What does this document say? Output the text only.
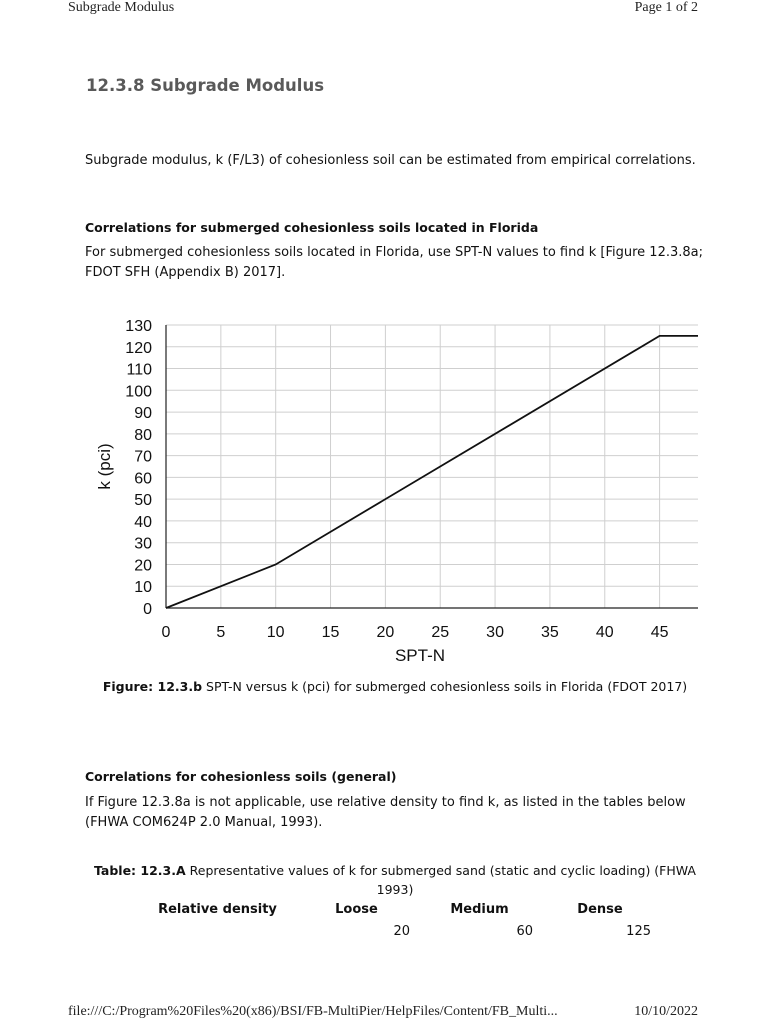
Subgrade Modulus	Page 1 of 2
12.3.8 Subgrade Modulus

Subgrade modulus, k (F/L3) of cohesionless soil can be estimated from empirical correlations.

Correlations for submerged cohesionless soils located in Florida

For submerged cohesionless soils located in Florida, use SPT-N values to find k [Figure 12.3.8a; FDOT SFH (Appendix B) 2017].

0
10
20
30
40
50
60
70
80
90
100
110
120
130
0	5	10 15 20 25 30 35 40 45
SPT-N
k (pci)
Figure: 12.3.b SPT-N versus k (pci) for submerged cohesionless soils in Florida (FDOT 2017)

Correlations for cohesionless soils (general)

If Figure 12.3.8a is not applicable, use relative density to find k, as listed in the tables below (FHWA COM624P 2.0 Manual, 1993).

Table: 12.3.A Representative values of k for submerged sand (static and cyclic loading) (FHWA 1993)
Relative density	Loose	Medium	Dense
	20	60	125
file:///C:/Program%20Files%20(x86)/BSI/FB-MultiPier/HelpFiles/Content/FB_Multi...	10/10/2022
